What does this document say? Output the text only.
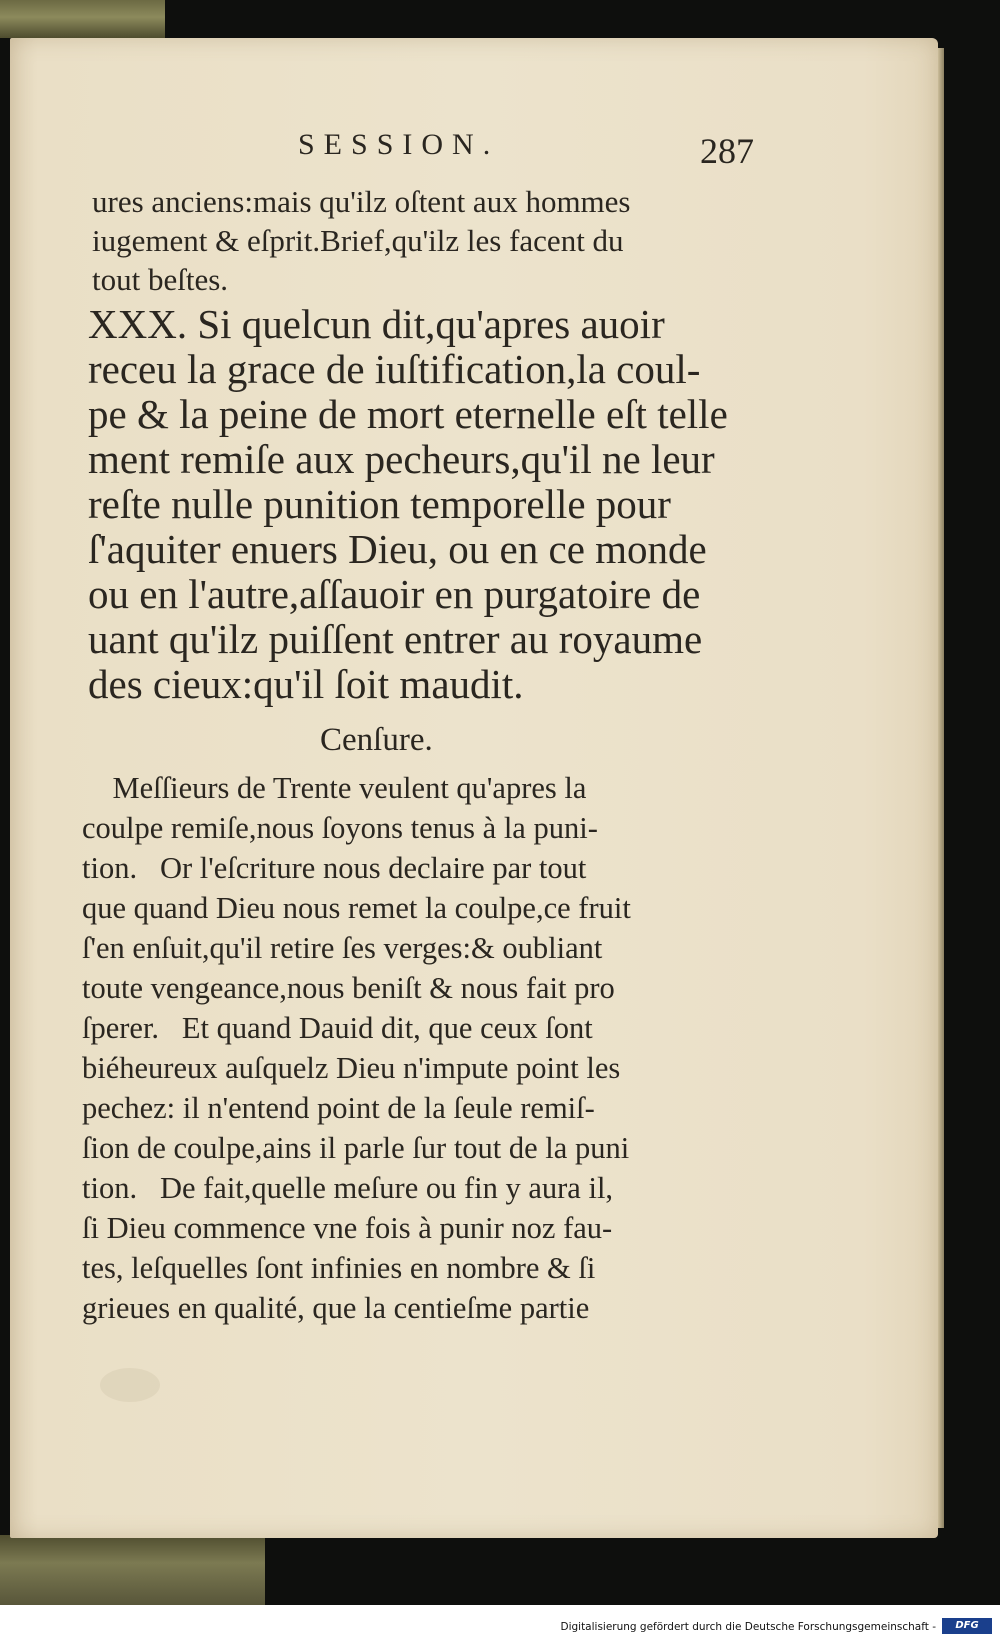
SESSION.	287
ures anciens:mais qu'ilz oſtent aux hommes
iugement & eſprit.Brief,qu'ilz les facent du
tout beſtes.
XXX. Si quelcun dit,qu'apres auoir
receu la grace de iuſtification,la coul-
pe & la peine de mort eternelle eſt telle
ment remiſe aux pecheurs,qu'il ne leur
reſte nulle punition temporelle pour
ſ'aquiter enuers Dieu, ou en ce monde
ou en l'autre,aſſauoir en purgatoire de
uant qu'ilz puiſſent entrer au royaume
des cieux:qu'il ſoit maudit.
Cenſure.
Meſſieurs de Trente veulent qu'apres la
coulpe remiſe,nous ſoyons tenus à la puni-
tion.   Or l'eſcriture nous declaire par tout
que quand Dieu nous remet la coulpe,ce fruit
ſ'en enſuit,qu'il retire ſes verges:& oubliant
toute vengeance,nous beniſt & nous fait pro
ſperer.   Et quand Dauid dit, que ceux ſont
biéheureux auſquelz Dieu n'impute point les
pechez: il n'entend point de la ſeule remiſ-
ſion de coulpe,ains il parle ſur tout de la puni
tion.   De fait,quelle meſure ou fin y aura il,
ſi Dieu commence vne fois à punir noz fau-
tes, leſquelles ſont infinies en nombre & ſi
grieues en qualité, que la centieſme partie
Digitalisierung gefördert durch die Deutsche Forschungsgemeinschaft -	DFG
